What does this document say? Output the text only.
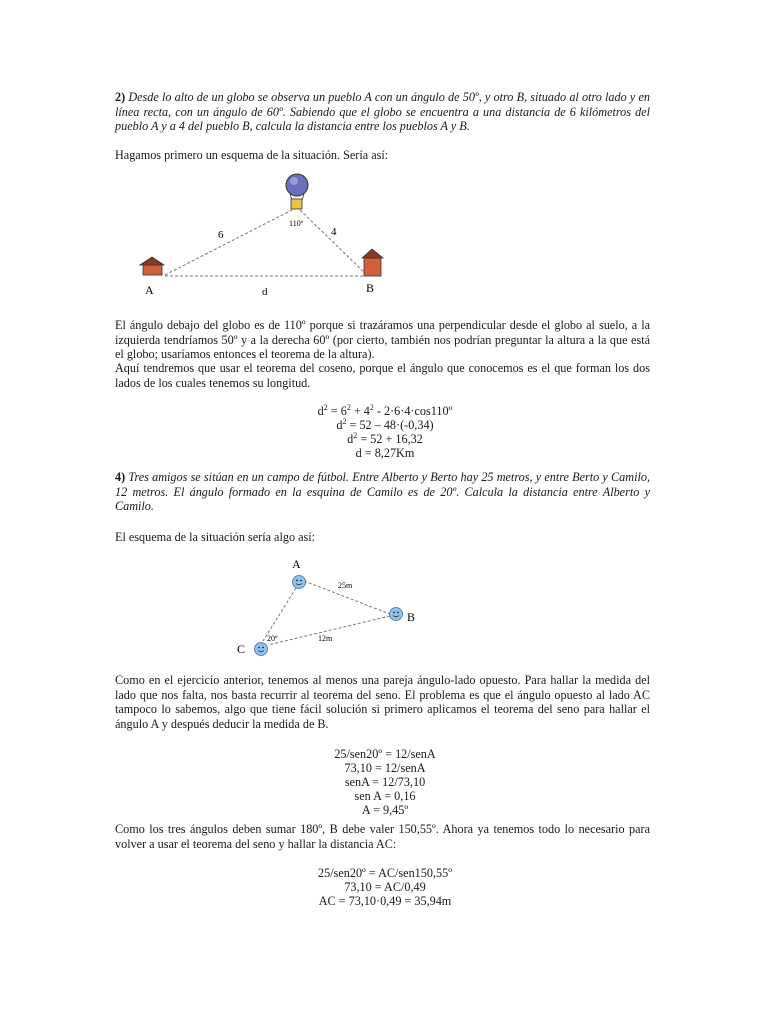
2) Desde lo alto de un globo se observa un pueblo A con un ángulo de 50º, y otro B, situado al otro lado y en línea recta, con un ángulo de 60º. Sabiendo que el globo se encuentra a una distancia de 6 kilómetros del pueblo A y a 4 del pueblo B, calcula la distancia entre los pueblos A y B.
Hagamos primero un esquema de la situación. Sería así:
110º
6	4
A	B
d
El ángulo debajo del globo es de 110º porque si trazáramos una perpendicular desde el globo al suelo, a la izquierda tendríamos 50º y a la derecha 60º (por cierto, también nos podrían preguntar la altura a la que está el globo; usaríamos entonces el teorema de la altura).
Aquí tendremos que usar el teorema del coseno, porque el ángulo que conocemos es el que forman los dos lados de los cuales tenemos su longitud.
$d^2 = 6^2 + 4^2$ - 2·6·4·cos110º
$d^2 = 52 - 48\cdot(-0,34)$
$d^2 = 52 + 16,32$
d = 8,27Km
4) Tres amigos se sitúan en un campo de fútbol. Entre Alberto y Berto hay 25 metros, y entre Berto y Camilo, 12 metros. El ángulo formado en la esquina de Camilo es de 20º. Calcula la distancia entre Alberto y Camilo.
El esquema de la situación sería algo así:
A
B
C
25m
12m
20º
Como en el ejercicio anterior, tenemos al menos una pareja ángulo-lado opuesto. Para hallar la medida del lado que nos falta, nos basta recurrir al teorema del seno. El problema es que el ángulo opuesto al lado AC tampoco lo sabemos, algo que tiene fácil solución si primero aplicamos el teorema del seno para hallar el ángulo A y después deducir la medida de B.
25/sen20º = 12/senA
73,10 = 12/senA
senA = 12/73,10
sen A = 0,16
A = 9,45º
Como los tres ángulos deben sumar 180º, B debe valer 150,55º. Ahora ya tenemos todo lo necesario para volver a usar el teorema del seno y hallar la distancia AC:
25/sen20º = AC/sen150,55º
73,10 = AC/0,49
AC = 73,10·0,49 = 35,94m
